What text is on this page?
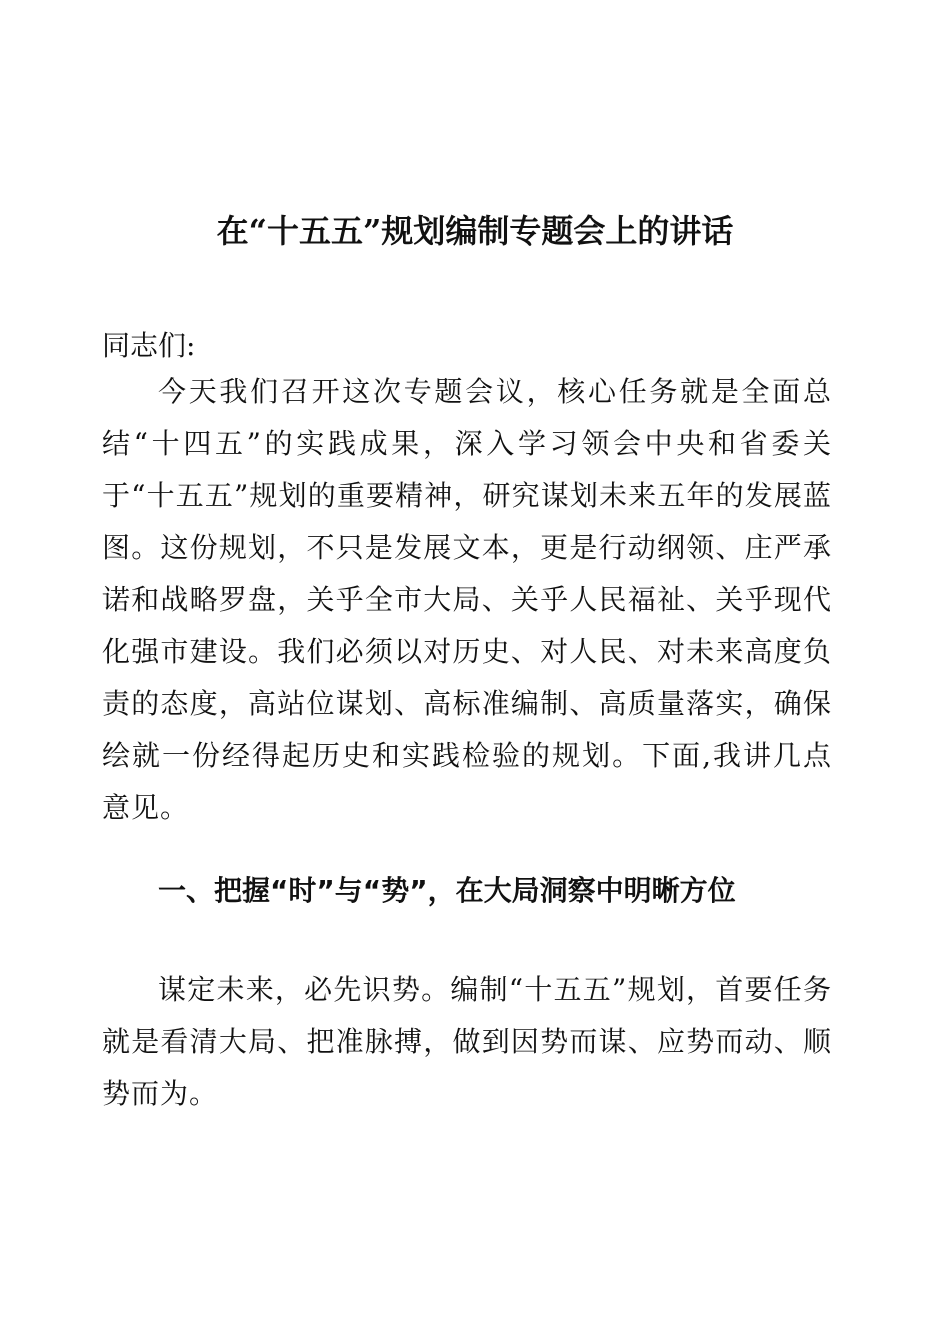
在“十五五”规划编制专题会上的讲话

同志们:

今天我们召开这次专题会议，核心任务就是全面总结“十四五”的实践成果，深入学习领会中央和省委关于“十五五”规划的重要精神，研究谋划未来五年的发展蓝图。这份规划，不只是发展文本，更是行动纲领、庄严承诺和战略罗盘，关乎全市大局、关乎人民福祉、关乎现代化强市建设。我们必须以对历史、对人民、对未来高度负责的态度，高站位谋划、高标准编制、高质量落实，确保绘就一份经得起历史和实践检验的规划。下面,我讲几点意见。

一、把握“时”与“势”，在大局洞察中明晰方位

谋定未来，必先识势。编制“十五五”规划，首要任务就是看清大局、把准脉搏，做到因势而谋、应势而动、顺势而为。
